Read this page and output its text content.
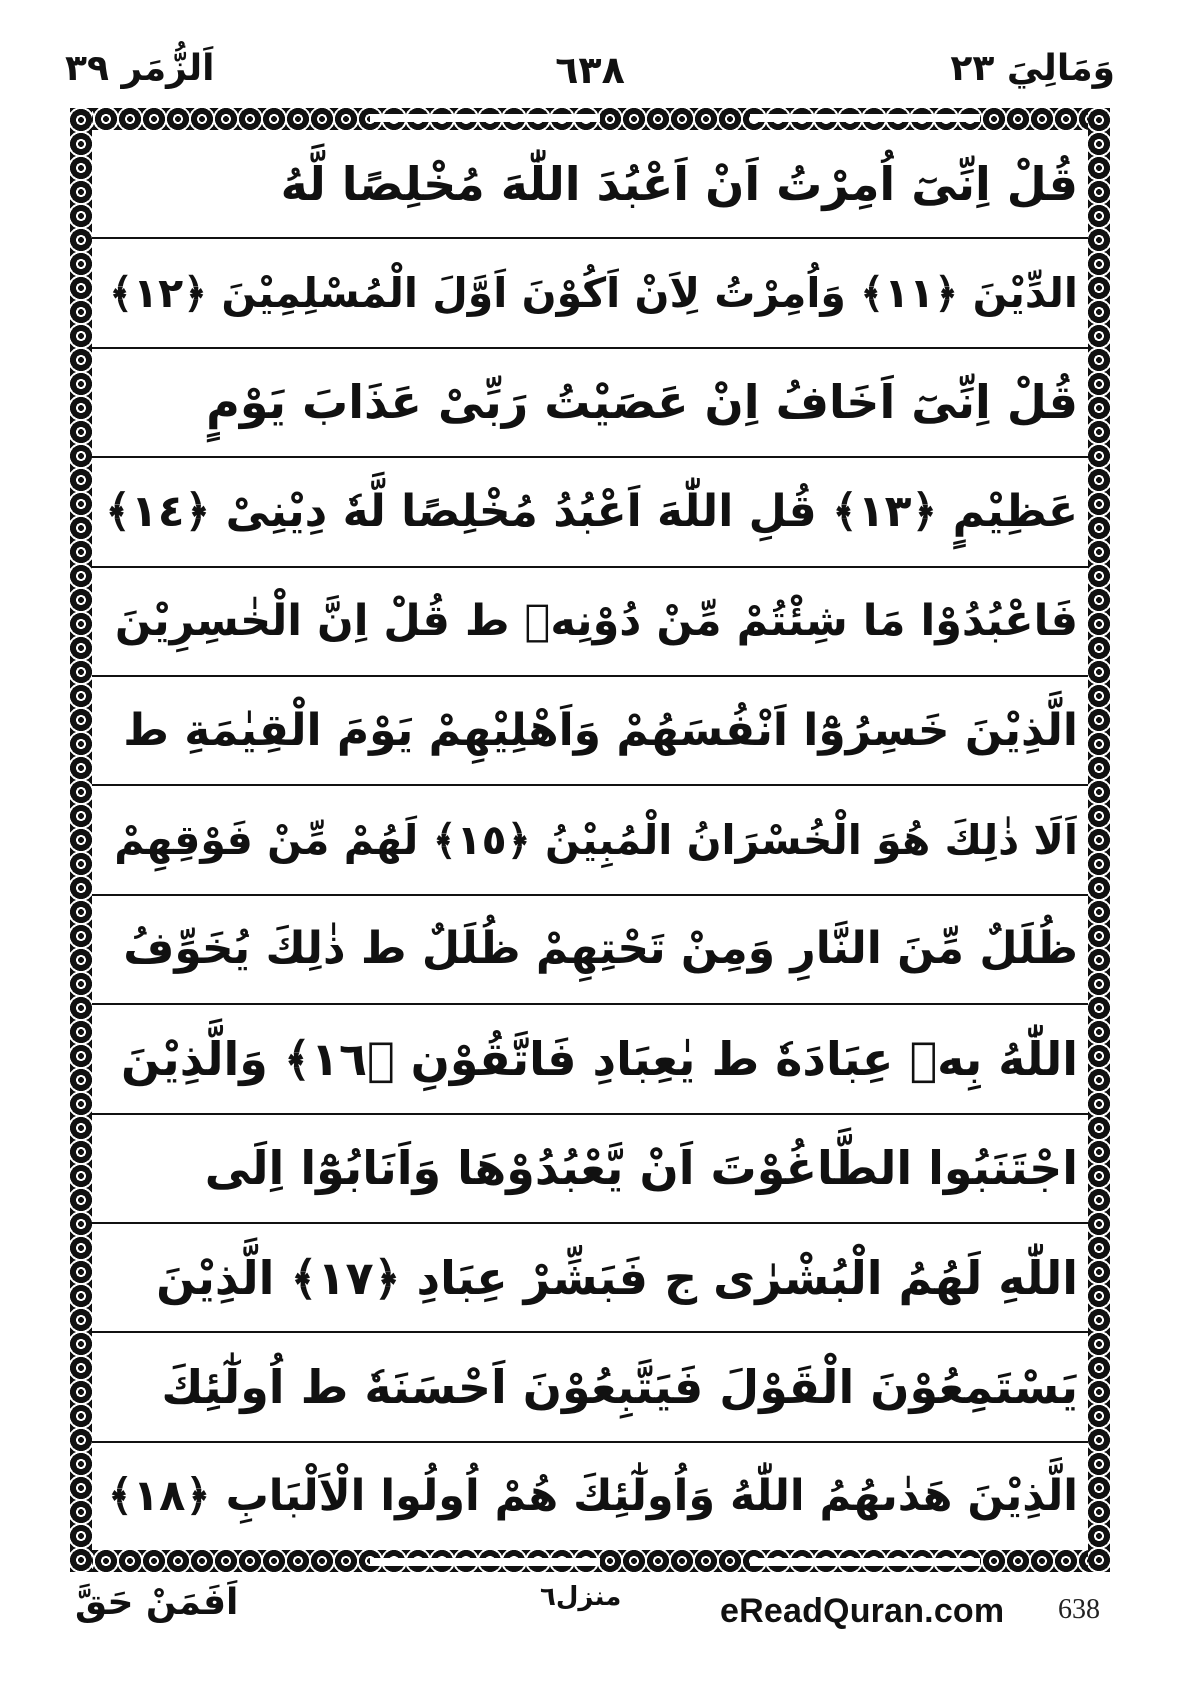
اَلزُّمَر ٣٩	٦٣٨	وَمَالِيَ ٢٣
قُلْ اِنِّیٓ اُمِرْتُ اَنْ اَعْبُدَ اللّٰهَ مُخْلِصًا لَّهُ
الدِّیْنَ ﴿١١﴾ وَاُمِرْتُ لِاَنْ اَكُوْنَ اَوَّلَ الْمُسْلِمِیْنَ ﴿١٢﴾
قُلْ اِنِّیٓ اَخَافُ اِنْ عَصَیْتُ رَبِّیْ عَذَابَ یَوْمٍ
عَظِیْمٍ ﴿١٣﴾ قُلِ اللّٰهَ اَعْبُدُ مُخْلِصًا لَّهٗ دِیْنِیْ ﴿١٤﴾
فَاعْبُدُوْا مَا شِئْتُمْ مِّنْ دُوْنِهٖ ط قُلْ اِنَّ الْخٰسِرِیْنَ
الَّذِیْنَ خَسِرُوْٓا اَنْفُسَهُمْ وَاَهْلِیْهِمْ یَوْمَ الْقِیٰمَةِ ط
اَلَا ذٰلِكَ هُوَ الْخُسْرَانُ الْمُبِیْنُ ﴿١٥﴾ لَهُمْ مِّنْ فَوْقِهِمْ
ظُلَلٌ مِّنَ النَّارِ وَمِنْ تَحْتِهِمْ ظُلَلٌ ط ذٰلِكَ یُخَوِّفُ
اللّٰهُ بِهٖ عِبَادَهٗ ط یٰعِبَادِ فَاتَّقُوْنِ ﴿١٦﴾ وَالَّذِیْنَ
اجْتَنَبُوا الطَّاغُوْتَ اَنْ یَّعْبُدُوْهَا وَاَنَابُوْٓا اِلَی
اللّٰهِ لَهُمُ الْبُشْرٰی ج فَبَشِّرْ عِبَادِ ﴿١٧﴾ الَّذِیْنَ
یَسْتَمِعُوْنَ الْقَوْلَ فَیَتَّبِعُوْنَ اَحْسَنَهٗ ط اُولٰٓئِكَ
الَّذِیْنَ هَدٰىهُمُ اللّٰهُ وَاُولٰٓئِكَ هُمْ اُولُوا الْاَلْبَابِ ﴿١٨﴾
اَفَمَنْ حَقَّ	منزل٦	eReadQuran.com 638
